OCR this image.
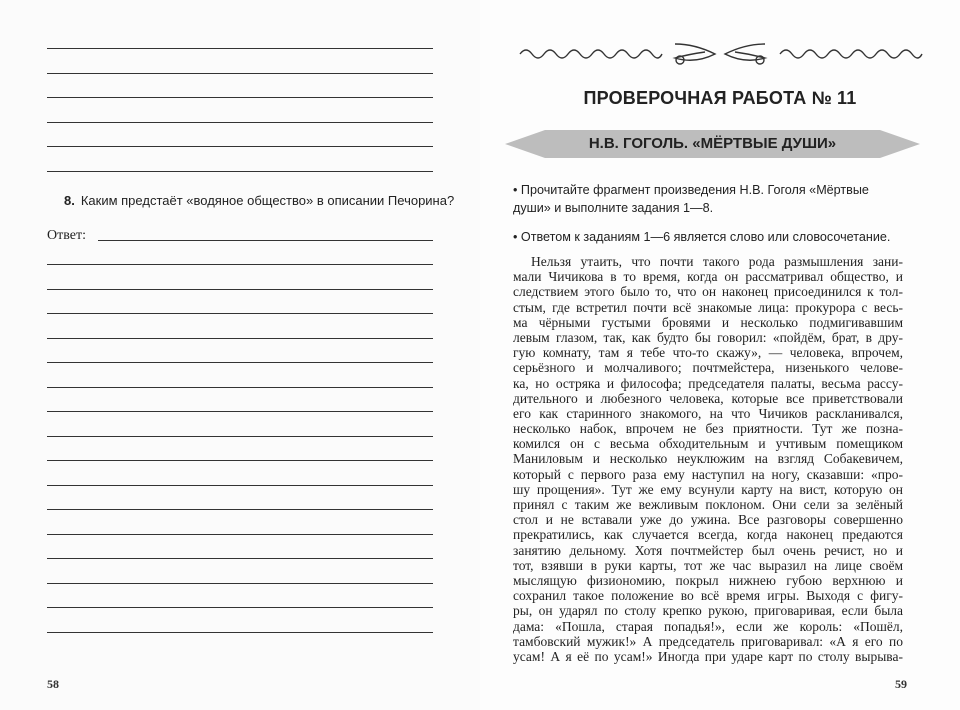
8. Каким предстаёт «водяное общество» в описании Печорина?
Ответ:
58
ПРОВЕРОЧНАЯ РАБОТА № 11
Н.В. ГОГОЛЬ. «МЁРТВЫЕ ДУШИ»
• Прочитайте фрагмент произведения Н.В. Гоголя «Мёртвые души» и выполните задания 1—8.
• Ответом к заданиям 1—6 является слово или словосочетание.
Нельзя утаить, что почти такого рода размышления зани-
мали Чичикова в то время, когда он рассматривал общество, и
следствием этого было то, что он наконец присоединился к тол-
стым, где встретил почти всё знакомые лица: прокурора с весь-
ма чёрными густыми бровями и несколько подмигивавшим
левым глазом, так, как будто бы говорил: «пойдём, брат, в дру-
гую комнату, там я тебе что-то скажу», — человека, впрочем,
серьёзного и молчаливого; почтмейстера, низенького челове-
ка, но остряка и философа; председателя палаты, весьма рассу-
дительного и любезного человека, которые все приветствовали
его как старинного знакомого, на что Чичиков раскланивался,
несколько набок, впрочем не без приятности. Тут же позна-
комился он с весьма обходительным и учтивым помещиком
Маниловым и несколько неуклюжим на взгляд Собакевичем,
который с первого раза ему наступил на ногу, сказавши: «про-
шу прощения». Тут же ему всунули карту на вист, которую он
принял с таким же вежливым поклоном. Они сели за зелёный
стол и не вставали уже до ужина. Все разговоры совершенно
прекратились, как случается всегда, когда наконец предаются
занятию дельному. Хотя почтмейстер был очень речист, но и
тот, взявши в руки карты, тот же час выразил на лице своём
мыслящую физиономию, покрыл нижнею губою верхнюю и
сохранил такое положение во всё время игры. Выходя с фигу-
ры, он ударял по столу крепко рукою, приговаривая, если была
дама: «Пошла, старая попадья!», если же король: «Пошёл,
тамбовский мужик!» А председатель приговаривал: «А я его по
усам! А я её по усам!» Иногда при ударе карт по столу вырыва-
59
